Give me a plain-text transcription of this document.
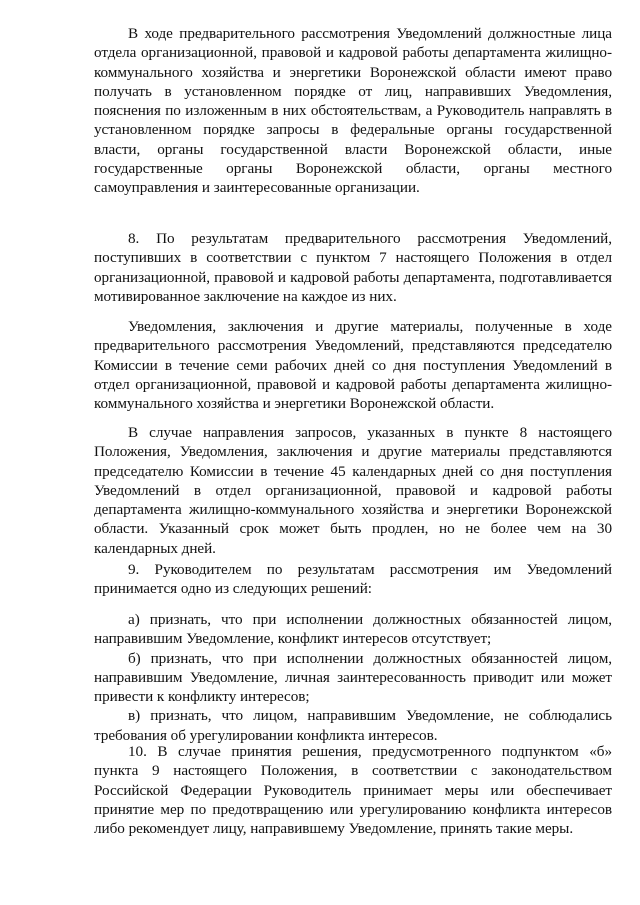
В ходе предварительного рассмотрения Уведомлений должностные лица отдела организационной, правовой и кадровой работы департамента жилищно-коммунального хозяйства и энергетики Воронежской области имеют право получать в установленном порядке от лиц, направивших Уведомления, пояснения по изложенным в них обстоятельствам, а Руководитель направлять в установленном порядке запросы в федеральные органы государственной власти, органы государственной власти Воронежской области, иные государственные органы Воронежской области, органы местного самоуправления и заинтересованные организации.

8. По результатам предварительного рассмотрения Уведомлений, поступивших в соответствии с пунктом 7 настоящего Положения в отдел организационной, правовой и кадровой работы департамента, подготавливается мотивированное заключение на каждое из них.

Уведомления, заключения и другие материалы, полученные в ходе предварительного рассмотрения Уведомлений, представляются председателю Комиссии в течение семи рабочих дней со дня поступления Уведомлений в отдел организационной, правовой и кадровой работы департамента жилищно-коммунального хозяйства и энергетики Воронежской области.

В случае направления запросов, указанных в пункте 8 настоящего Положения, Уведомления, заключения и другие материалы представляются председателю Комиссии в течение 45 календарных дней со дня поступления Уведомлений в отдел организационной, правовой и кадровой работы департамента жилищно-коммунального хозяйства и энергетики Воронежской области. Указанный срок может быть продлен, но не более чем на 30 календарных дней.

9. Руководителем по результатам рассмотрения им Уведомлений принимается одно из следующих решений:

а) признать, что при исполнении должностных обязанностей лицом, направившим Уведомление, конфликт интересов отсутствует;
б) признать, что при исполнении должностных обязанностей лицом, направившим Уведомление, личная заинтересованность приводит или может привести к конфликту интересов;
в) признать, что лицом, направившим Уведомление, не соблюдались требования об урегулировании конфликта интересов.

10. В случае принятия решения, предусмотренного подпунктом «б» пункта 9 настоящего Положения, в соответствии с законодательством Российской Федерации Руководитель принимает меры или обеспечивает принятие мер по предотвращению или урегулированию конфликта интересов либо рекомендует лицу, направившему Уведомление, принять такие меры.
